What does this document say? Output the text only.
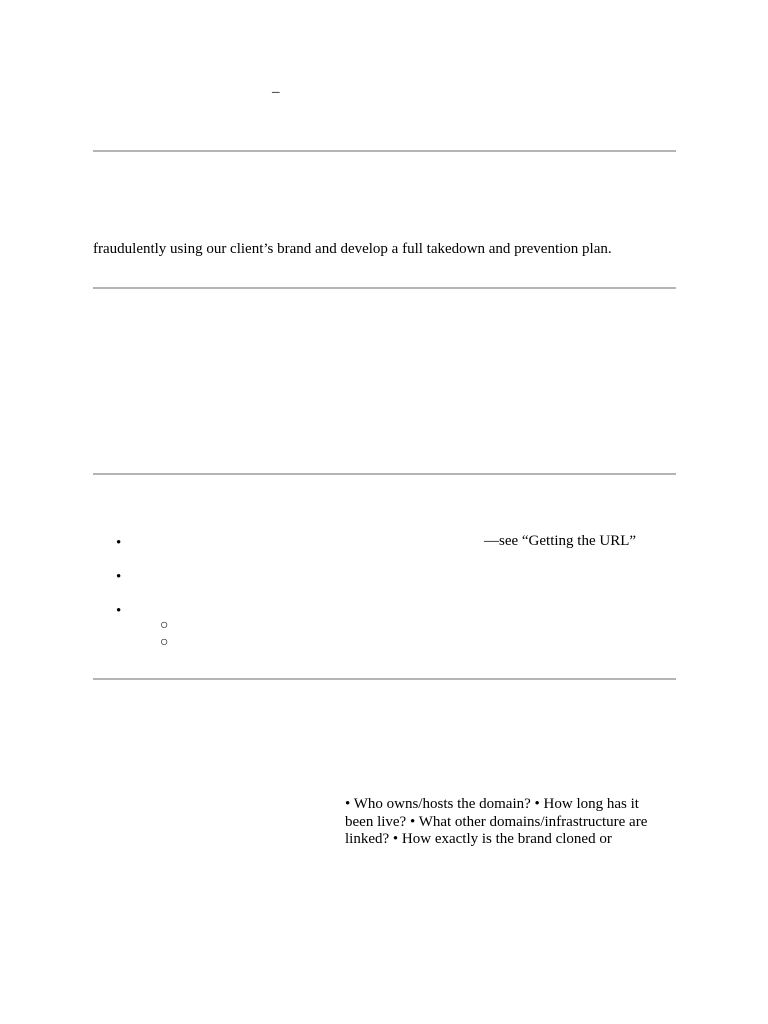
–
fraudulently using our client’s brand and develop a full takedown and prevention plan.
•	—see “Getting the URL”
•
•
○
○
• Who owns/hosts the domain? • How long has it been live? • What other domains/infrastructure are linked? • How exactly is the brand cloned or
